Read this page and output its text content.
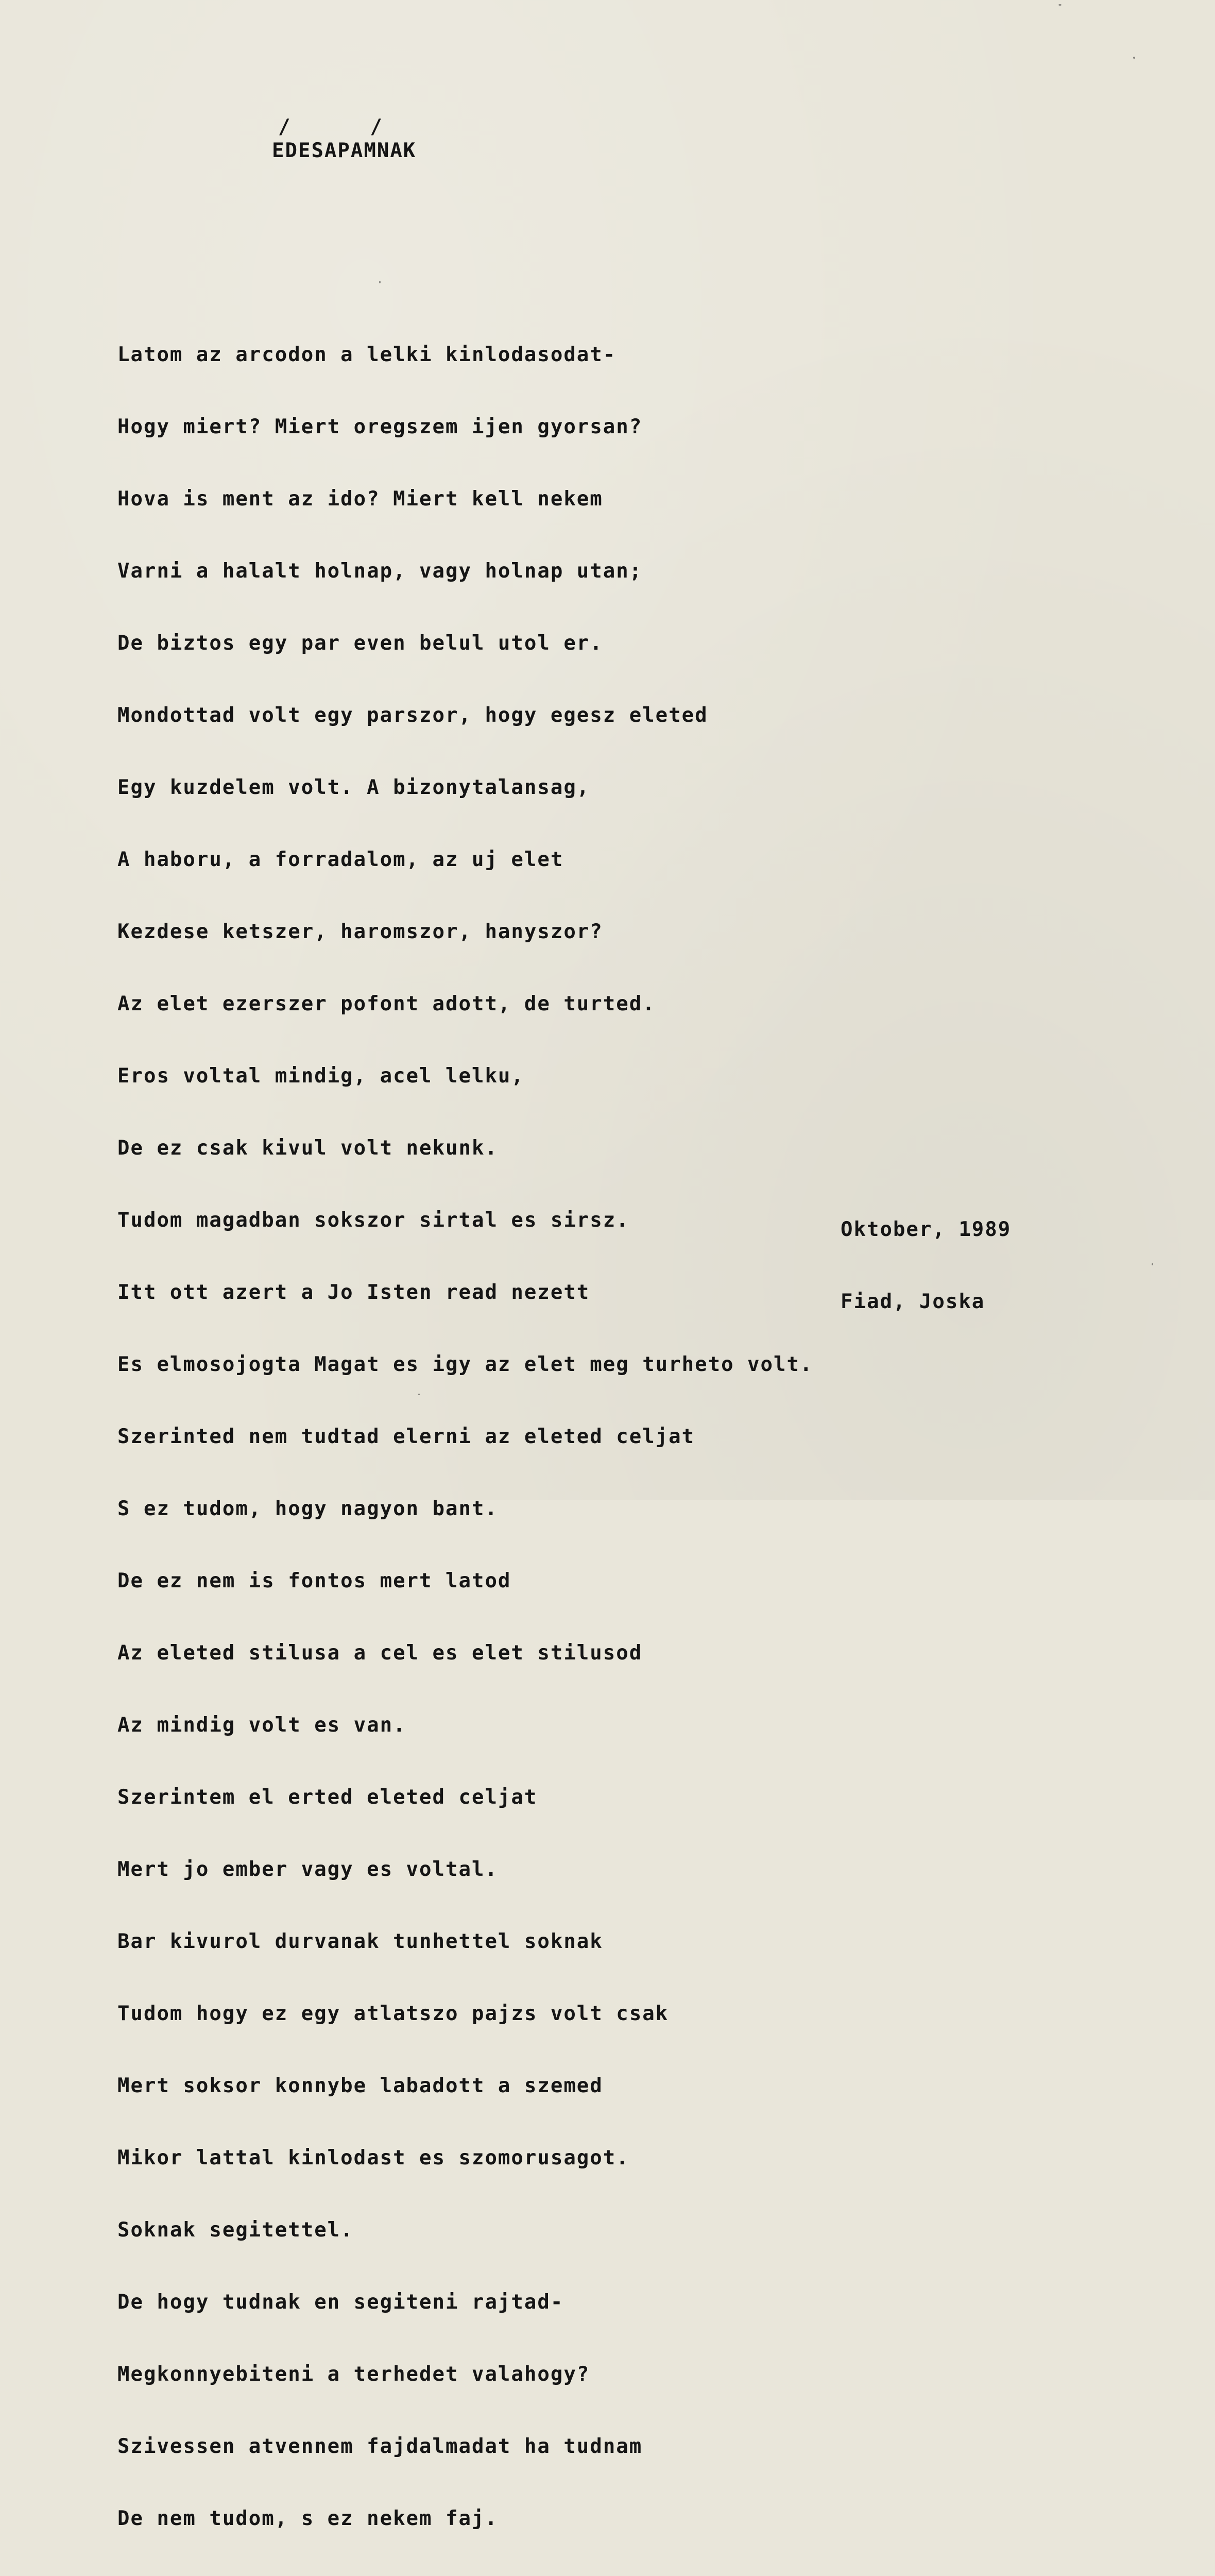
/      /
EDESAPAMNAK

Latom az arcodon a lelki kinlodasodat-

Hogy miert? Miert oregszem ijen gyorsan?

Hova is ment az ido? Miert kell nekem

Varni a halalt holnap, vagy holnap utan;

De biztos egy par even belul utol er.

Mondottad volt egy parszor, hogy egesz eleted

Egy kuzdelem volt. A bizonytalansag,

A haboru, a forradalom, az uj elet

Kezdese ketszer, haromszor, hanyszor?

Az elet ezerszer pofont adott, de turted.

Eros voltal mindig, acel lelku,

De ez csak kivul volt nekunk.

Tudom magadban sokszor sirtal es sirsz.

Itt ott azert a Jo Isten read nezett

Es elmosojogta Magat es igy az elet meg turheto volt.

Szerinted nem tudtad elerni az eleted celjat

S ez tudom, hogy nagyon bant.

De ez nem is fontos mert latod

Az eleted stilusa a cel es elet stilusod

Az mindig volt es van.

Szerintem el erted eleted celjat

Mert jo ember vagy es voltal.

Bar kivurol durvanak tunhettel soknak

Tudom hogy ez egy atlatszo pajzs volt csak

Mert soksor konnybe labadott a szemed

Mikor lattal kinlodast es szomorusagot.

Soknak segitettel.

De hogy tudnak en segiteni rajtad-

Megkonnyebiteni a terhedet valahogy?

Szivessen atvennem fajdalmadat ha tudnam

De nem tudom, s ez nekem faj.

Oktober, 1989

Fiad, Joska
